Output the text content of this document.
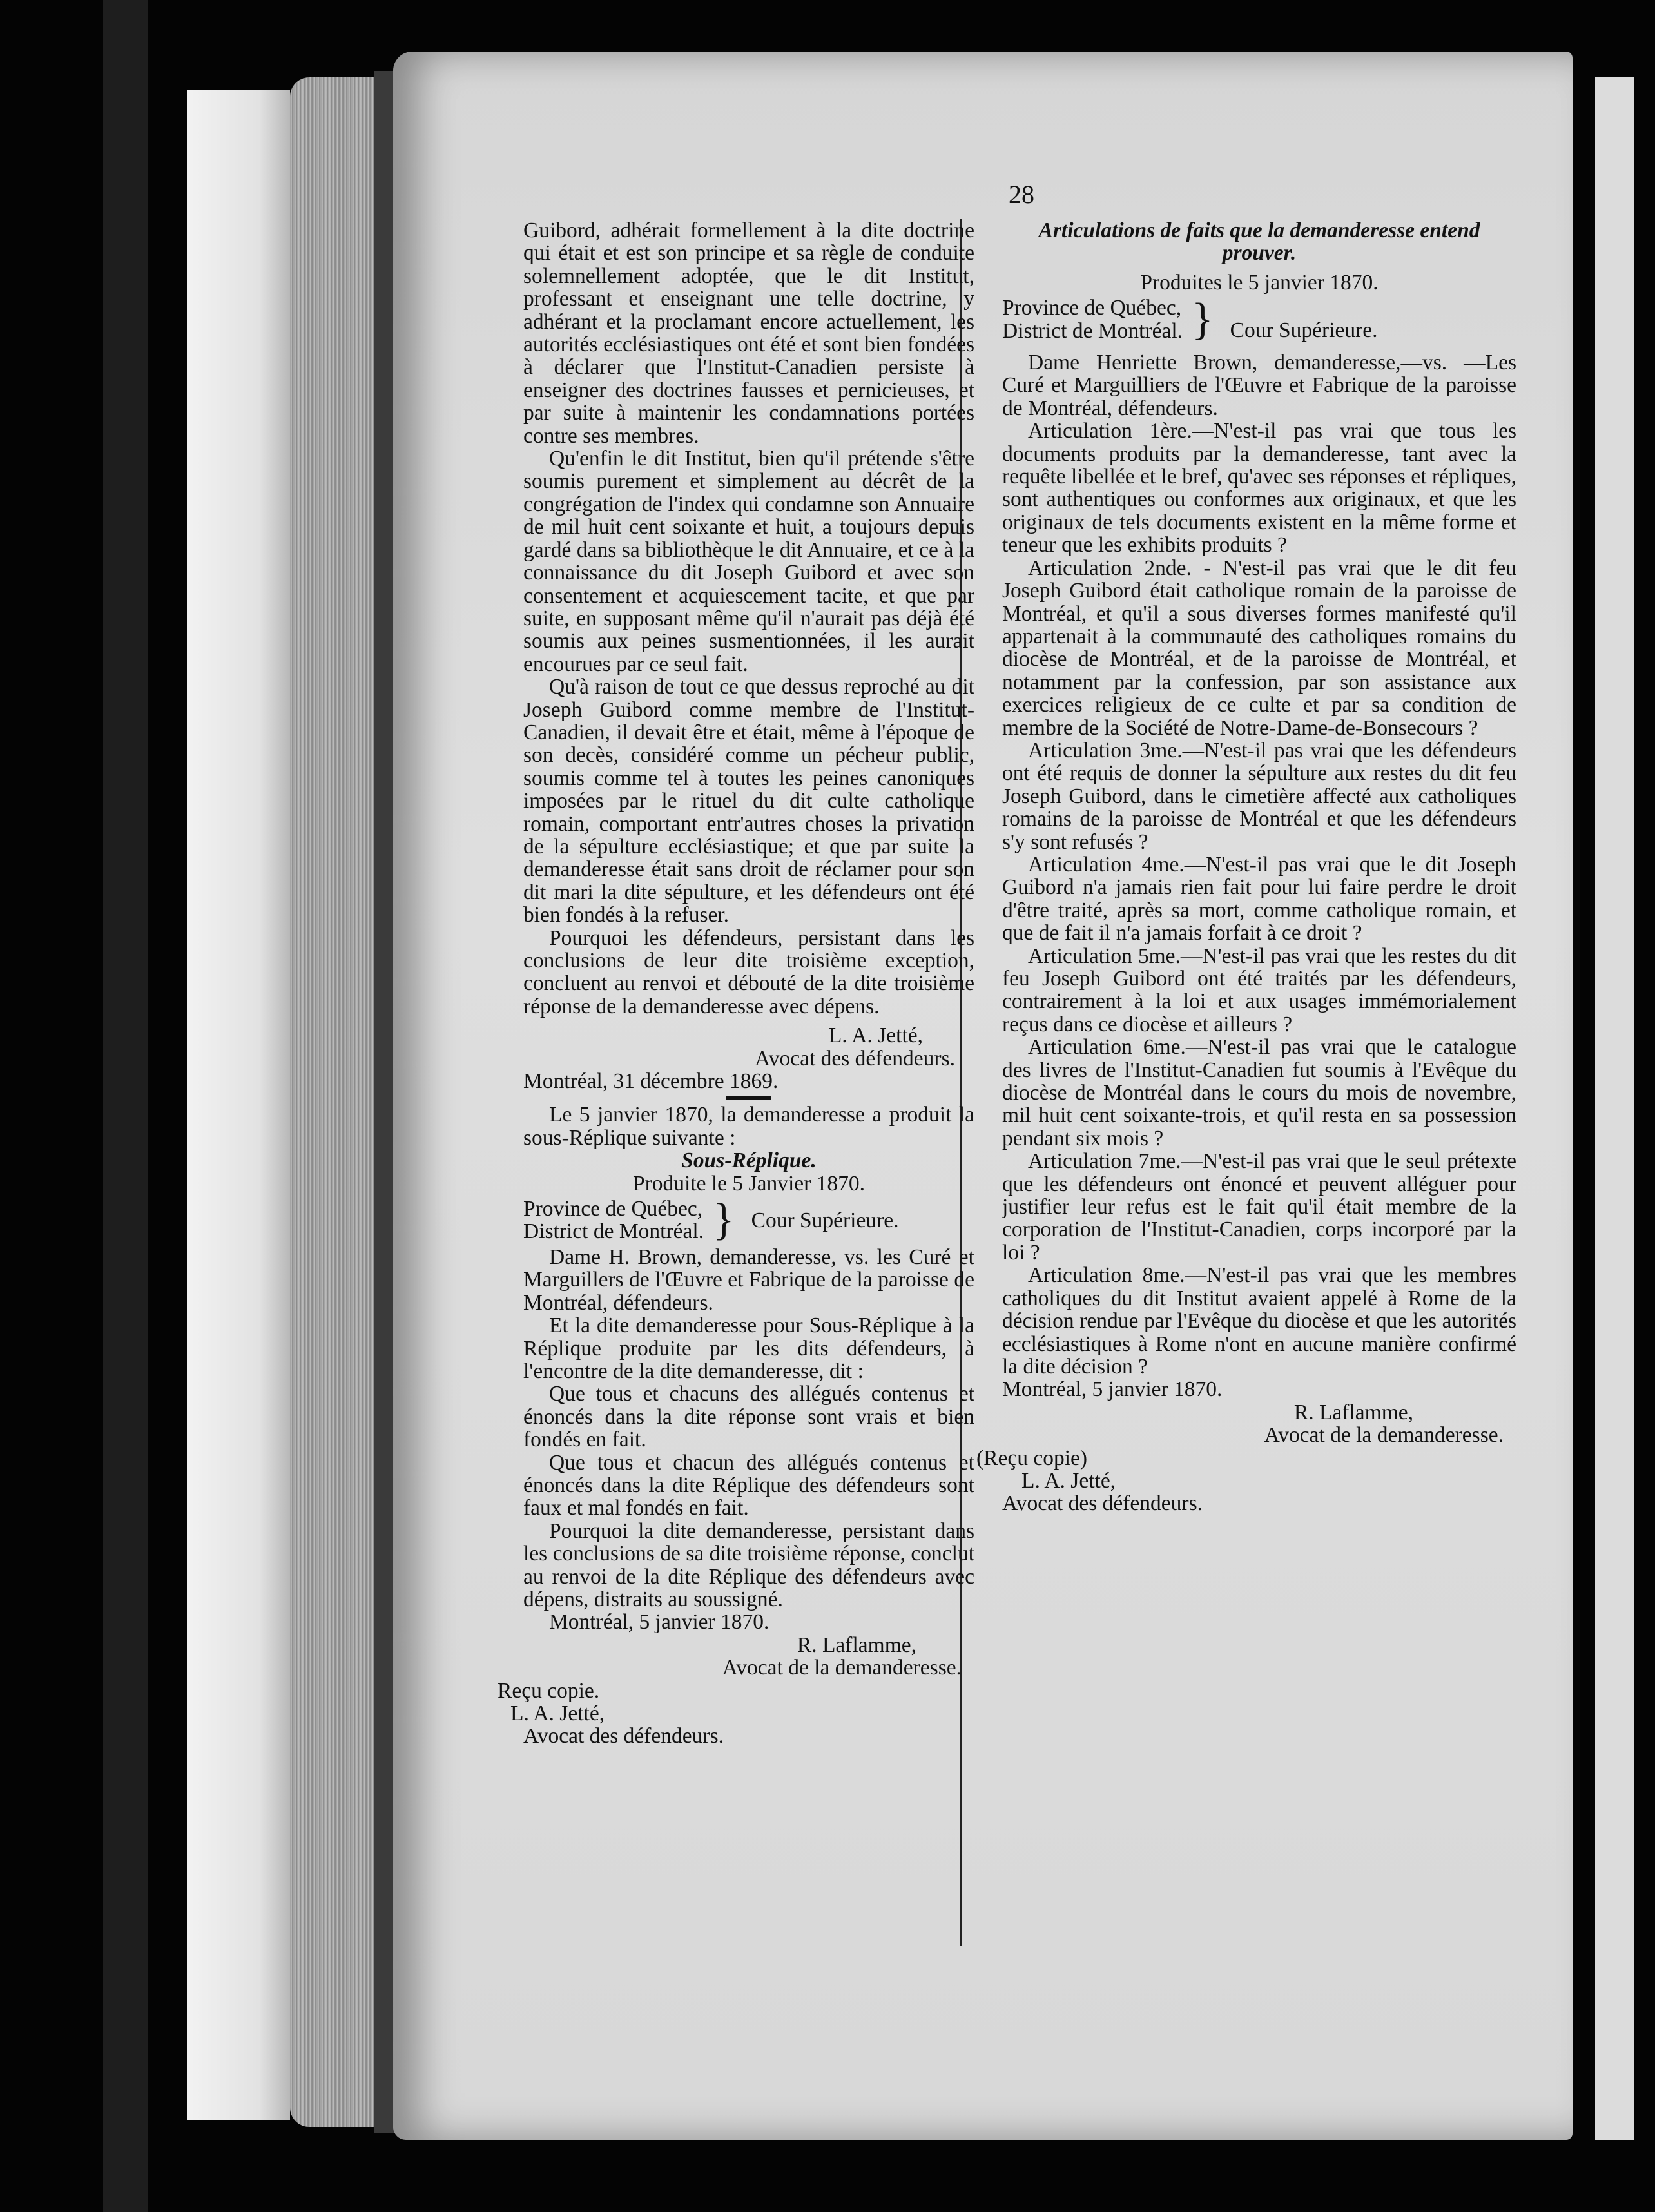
28

Guibord, adhérait formellement à la dite doctrine qui était et est son principe et sa règle de conduite solemnellement adoptée, que le dit Institut, professant et enseignant une telle doctrine, y adhérant et la proclamant encore actuellement, les autorités ecclésiastiques ont été et sont bien fondées à déclarer que l'Institut-Canadien persiste à enseigner des doctrines fausses et pernicieuses, et par suite à maintenir les condamnations portées contre ses membres.

Qu'enfin le dit Institut, bien qu'il prétende s'être soumis purement et simplement au décrêt de la congrégation de l'index qui condamne son Annuaire de mil huit cent soixante et huit, a toujours depuis gardé dans sa bibliothèque le dit Annuaire, et ce à la connaissance du dit Joseph Guibord et avec son consentement et acquiescement tacite, et que par suite, en supposant même qu'il n'aurait pas déjà été soumis aux peines susmentionnées, il les aurait encourues par ce seul fait.

Qu'à raison de tout ce que dessus reproché au dit Joseph Guibord comme membre de l'Institut-Canadien, il devait être et était, même à l'époque de son decès, considéré comme un pécheur public, soumis comme tel à toutes les peines canoniques imposées par le rituel du dit culte catholique romain, comportant entr'autres choses la privation de la sépulture ecclésiastique; et que par suite la demanderesse était sans droit de réclamer pour son dit mari la dite sépulture, et les défendeurs ont été bien fondés à la refuser.

Pourquoi les défendeurs, persistant dans les conclusions de leur dite troisième exception, concluent au renvoi et débouté de la dite troisième réponse de la demanderesse avec dépens.

L. A. Jetté,

Avocat des défendeurs.

Montréal, 31 décembre 1869.

Le 5 janvier 1870, la demanderesse a produit la sous-Réplique suivante :

Sous-Réplique.

Produite le 5 Janvier 1870.

Province de Québec,
District de Montréal. } Cour Supérieure.

Dame H. Brown, demanderesse, vs. les Curé et Marguillers de l'Œuvre et Fabrique de la paroisse de Montréal, défendeurs.

Et la dite demanderesse pour Sous-Réplique à la Réplique produite par les dits défendeurs, à l'encontre de la dite demanderesse, dit :

Que tous et chacuns des allégués contenus et énoncés dans la dite réponse sont vrais et bien fondés en fait.

Que tous et chacun des allégués contenus et énoncés dans la dite Réplique des défendeurs sont faux et mal fondés en fait.

Pourquoi la dite demanderesse, persistant dans les conclusions de sa dite troisième réponse, conclut au renvoi de la dite Réplique des défendeurs avec dépens, distraits au soussigné.

Montréal, 5 janvier 1870.

R. Laflamme,

Avocat de la demanderesse.

Reçu copie.

L. A. Jetté,

Avocat des défendeurs.

Articulations de faits que la demanderesse entend prouver.

Produites le 5 janvier 1870.

Province de Québec,
District de Montréal. } Cour Supérieure.

Dame Henriette Brown, demanderesse,—vs. —Les Curé et Marguilliers de l'Œuvre et Fabrique de la paroisse de Montréal, défendeurs.

Articulation 1ère.—N'est-il pas vrai que tous les documents produits par la demanderesse, tant avec la requête libellée et le bref, qu'avec ses réponses et répliques, sont authentiques ou conformes aux originaux, et que les originaux de tels documents existent en la même forme et teneur que les exhibits produits ?

Articulation 2nde. - N'est-il pas vrai que le dit feu Joseph Guibord était catholique romain de la paroisse de Montréal, et qu'il a sous diverses formes manifesté qu'il appartenait à la communauté des catholiques romains du diocèse de Montréal, et de la paroisse de Montréal, et notamment par la confession, par son assistance aux exercices religieux de ce culte et par sa condition de membre de la Société de Notre-Dame-de-Bonsecours ?

Articulation 3me.—N'est-il pas vrai que les défendeurs ont été requis de donner la sépulture aux restes du dit feu Joseph Guibord, dans le cimetière affecté aux catholiques romains de la paroisse de Montréal et que les défendeurs s'y sont refusés ?

Articulation 4me.—N'est-il pas vrai que le dit Joseph Guibord n'a jamais rien fait pour lui faire perdre le droit d'être traité, après sa mort, comme catholique romain, et que de fait il n'a jamais forfait à ce droit ?

Articulation 5me.—N'est-il pas vrai que les restes du dit feu Joseph Guibord ont été traités par les défendeurs, contrairement à la loi et aux usages immémorialement reçus dans ce diocèse et ailleurs ?

Articulation 6me.—N'est-il pas vrai que le catalogue des livres de l'Institut-Canadien fut soumis à l'Evêque du diocèse de Montréal dans le cours du mois de novembre, mil huit cent soixante-trois, et qu'il resta en sa possession pendant six mois ?

Articulation 7me.—N'est-il pas vrai que le seul prétexte que les défendeurs ont énoncé et peuvent alléguer pour justifier leur refus est le fait qu'il était membre de la corporation de l'Institut-Canadien, corps incorporé par la loi ?

Articulation 8me.—N'est-il pas vrai que les membres catholiques du dit Institut avaient appelé à Rome de la décision rendue par l'Evêque du diocèse et que les autorités ecclésiastiques à Rome n'ont en aucune manière confirmé la dite décision ?

Montréal, 5 janvier 1870.

R. Laflamme,

Avocat de la demanderesse.

(Reçu copie)

L. A. Jetté,

Avocat des défendeurs.
